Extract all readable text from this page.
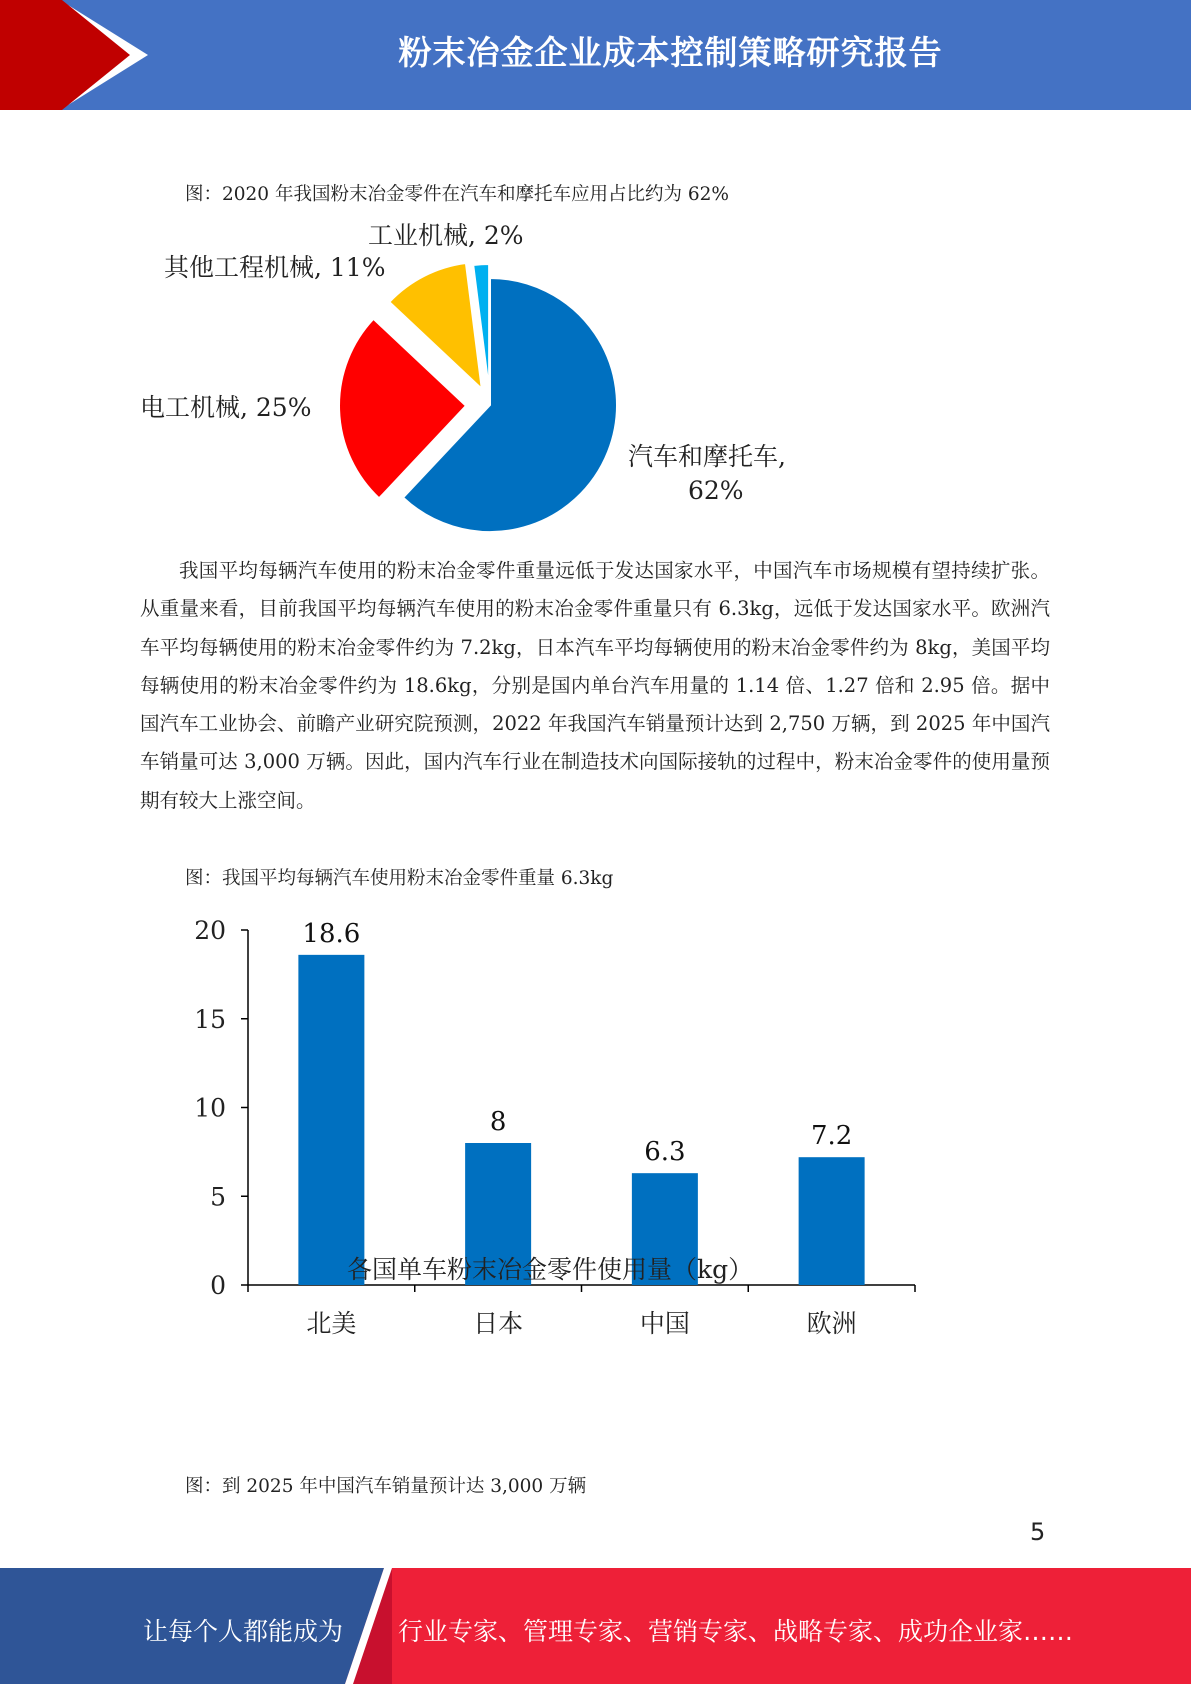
粉末冶金企业成本控制策略研究报告
图：2020 年我国粉末冶金零件在汽车和摩托车应用占比约为 62%
汽车和摩托车,
62%
电工机械, 25%
其他工程机械, 11%
工业机械, 2%

我国平均每辆汽车使用的粉末冶金零件重量远低于发达国家水平，中国汽车市场规模有望持续扩张。从重量来看，目前我国平均每辆汽车使用的粉末冶金零件重量只有 6.3kg，远低于发达国家水平。欧洲汽车平均每辆使用的粉末冶金零件约为 7.2kg，日本汽车平均每辆使用的粉末冶金零件约为 8kg，美国平均每辆使用的粉末冶金零件约为 18.6kg，分别是国内单台汽车用量的 1.14 倍、1.27 倍和 2.95 倍。据中国汽车工业协会、前瞻产业研究院预测，2022 年我国汽车销量预计达到 2,750 万辆，到 2025 年中国汽车销量可达 3,000 万辆。因此，国内汽车行业在制造技术向国际接轨的过程中，粉末冶金零件的使用量预期有较大上涨空间。

图：我国平均每辆汽车使用粉末冶金零件重量 6.3kg
0
5
10
15
20	18.6
北美
8
日本
6.3
中国
7.2
欧洲
各国单车粉末冶金零件使用量（kg）
图：到 2025 年中国汽车销量预计达 3,000 万辆
5
让每个人都能成为 行业专家、管理专家、营销专家、战略专家、成功企业家……
